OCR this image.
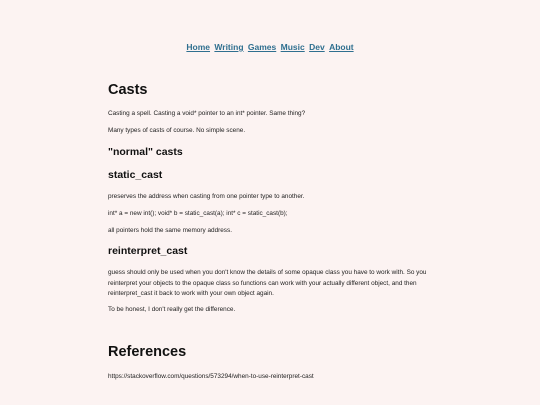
Home Writing Games Music Dev About
Casts

Casting a spell. Casting a void* pointer to an int* pointer. Same thing?

Many types of casts of course. No simple scene.

"normal" casts
static_cast

preserves the address when casting from one pointer type to another.

int* a = new int(); void* b = static_cast(a); int* c = static_cast(b);

all pointers hold the same memory address.

reinterpret_cast

guess should only be used when you don't know the details of some opaque class you have to work with. So you reinterpret your objects to the opaque class so functions can work with your actually different object, and then reinterpret_cast it back to work with your own object again.

To be honest, I don't really get the difference.

References

https://stackoverflow.com/questions/573294/when-to-use-reinterpret-cast
